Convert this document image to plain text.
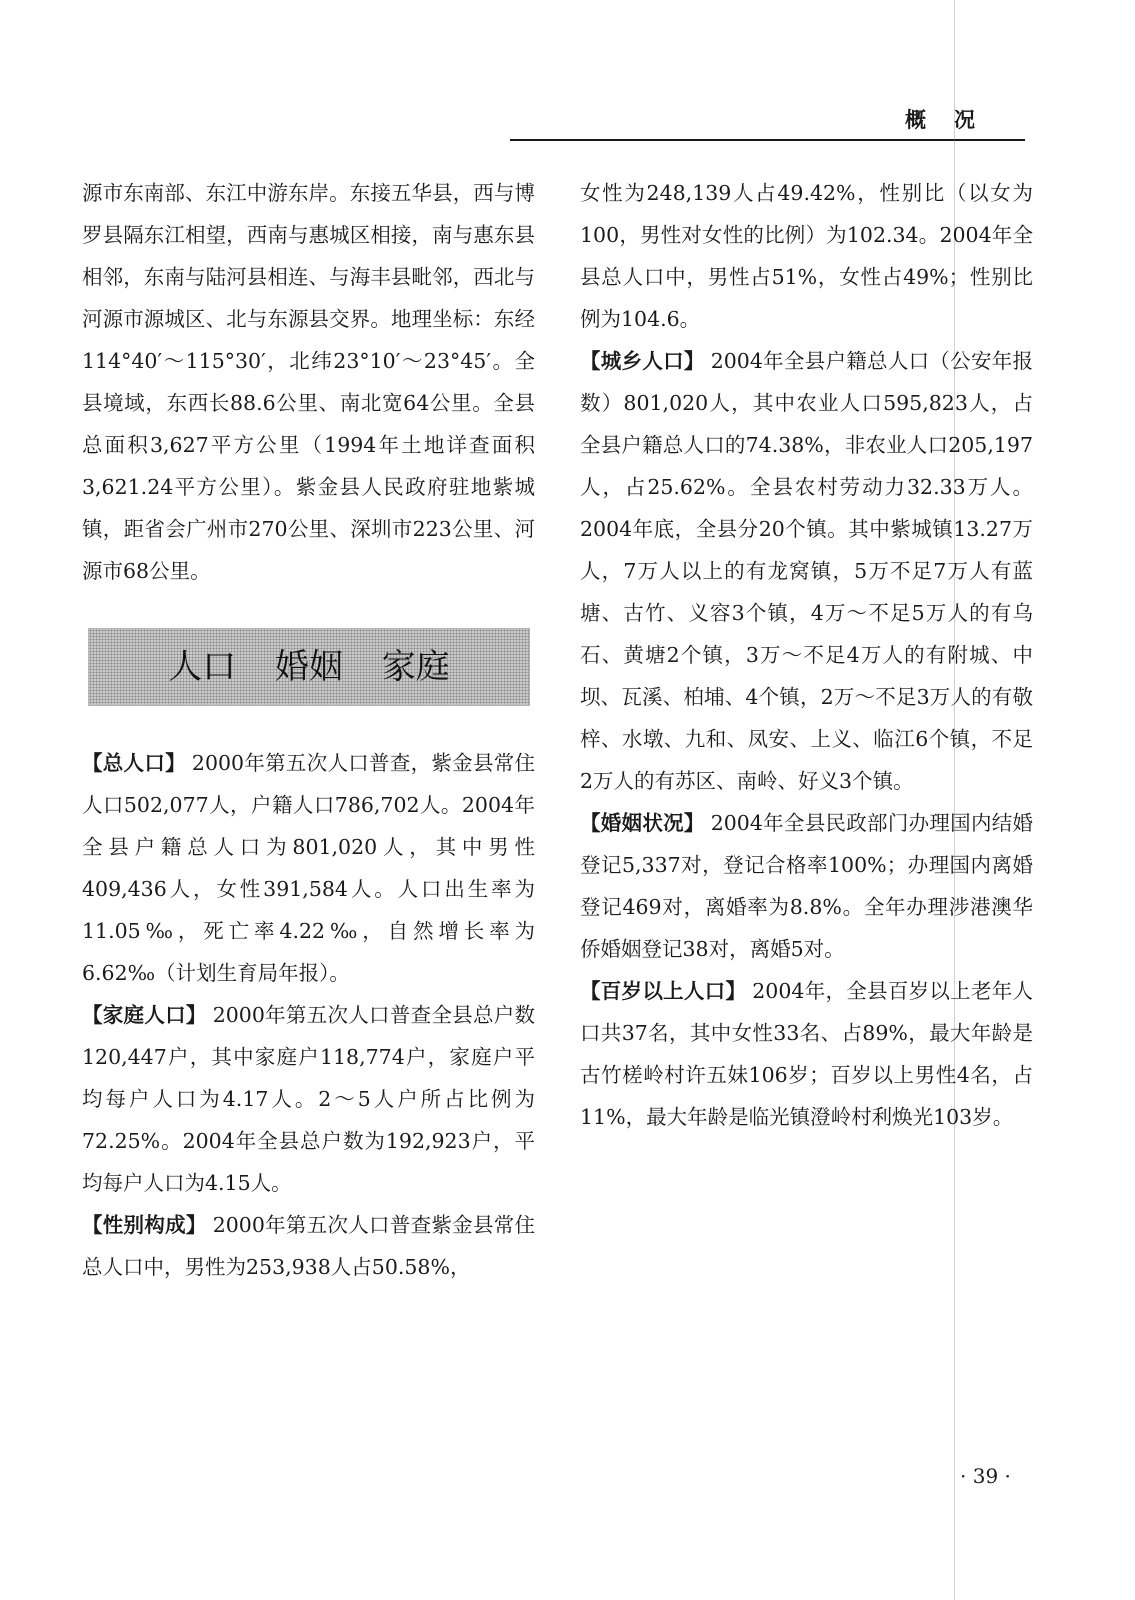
概况

源市东南部、东江中游东岸。东接五华县，西与博罗县隔东江相望，西南与惠城区相接，南与惠东县相邻，东南与陆河县相连、与海丰县毗邻，西北与河源市源城区、北与东源县交界。地理坐标：东经114°40′～115°30′，北纬23°10′～23°45′。全县境域，东西长88.6公里、南北宽64公里。全县总面积3,627平方公里（1994年土地详查面积3,621.24平方公里）。紫金县人民政府驻地紫城镇，距省会广州市270公里、深圳市223公里、河源市68公里。

人口 婚姻 家庭

【总人口】 2000年第五次人口普查，紫金县常住人口502,077人，户籍人口786,702人。2004年全县户籍总人口为801,020人，其中男性409,436人，女性391,584人。人口出生率为11.05‰，死亡率4.22‰，自然增长率为6.62‰（计划生育局年报）。

【家庭人口】 2000年第五次人口普查全县总户数120,447户，其中家庭户118,774户，家庭户平均每户人口为4.17人。2～5人户所占比例为72.25%。2004年全县总户数为192,923户，平均每户人口为4.15人。

【性别构成】 2000年第五次人口普查紫金县常住总人口中，男性为253,938人占50.58%，

女性为248,139人占49.42%，性别比（以女为100，男性对女性的比例）为102.34。2004年全县总人口中，男性占51%，女性占49%；性别比例为104.6。

【城乡人口】 2004年全县户籍总人口（公安年报数）801,020人，其中农业人口595,823人，占全县户籍总人口的74.38%，非农业人口205,197人，占25.62%。全县农村劳动力32.33万人。2004年底，全县分20个镇。其中紫城镇13.27万人，7万人以上的有龙窝镇，5万不足7万人有蓝塘、古竹、义容3个镇，4万～不足5万人的有乌石、黄塘2个镇，3万～不足4万人的有附城、中坝、瓦溪、柏埔、4个镇，2万～不足3万人的有敬梓、水墩、九和、凤安、上义、临江6个镇，不足2万人的有苏区、南岭、好义3个镇。

【婚姻状况】 2004年全县民政部门办理国内结婚登记5,337对，登记合格率100%；办理国内离婚登记469对，离婚率为8.8%。全年办理涉港澳华侨婚姻登记38对，离婚5对。

【百岁以上人口】 2004年，全县百岁以上老年人口共37名，其中女性33名、占89%，最大年龄是古竹槎岭村许五妹106岁；百岁以上男性4名，占11%，最大年龄是临光镇澄岭村利焕光103岁。

· 39 ·
